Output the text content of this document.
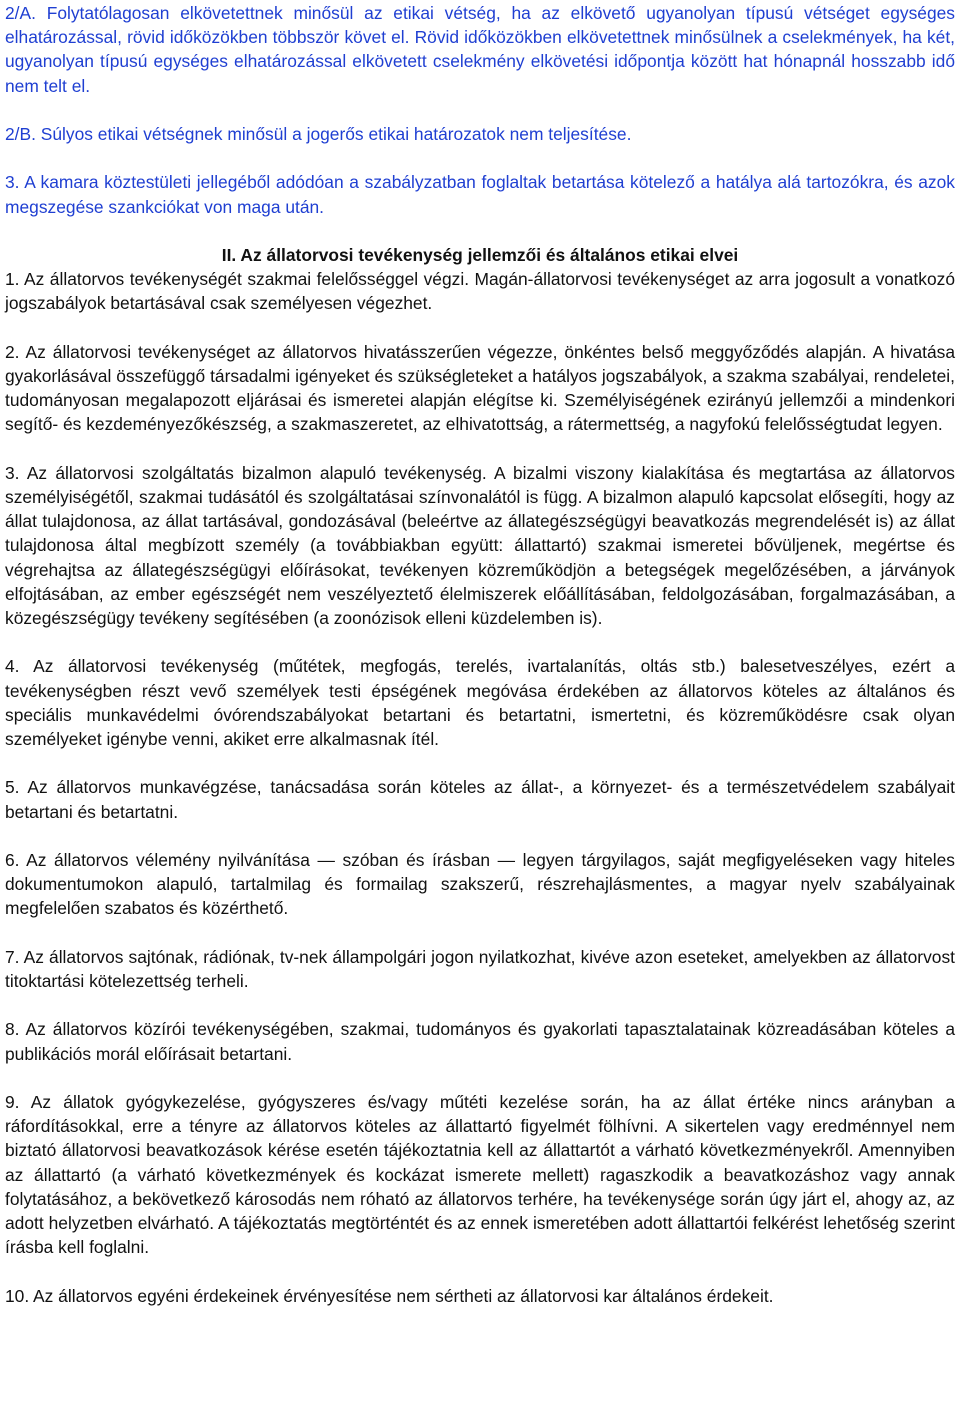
2/A. Folytatólagosan elkövetettnek minősül az etikai vétség, ha az elkövető ugyanolyan típusú vétséget egységes elhatározással, rövid időközökben többször követ el. Rövid időközökben elkövetettnek minősülnek a cselekmények, ha két, ugyanolyan típusú egységes elhatározással elkövetett cselekmény elkövetési időpontja között hat hónapnál hosszabb idő nem telt el.

2/B. Súlyos etikai vétségnek minősül a jogerős etikai határozatok nem teljesítése.

3. A kamara köztestületi jellegéből adódóan a szabályzatban foglaltak betartása kötelező a hatálya alá tartozókra, és azok megszegése szankciókat von maga után.

II. Az állatorvosi tevékenység jellemzői és általános etikai elvei

1. Az állatorvos tevékenységét szakmai felelősséggel végzi. Magán-állatorvosi tevékenységet az arra jogosult a vonatkozó jogszabályok betartásával csak személyesen végezhet.

2. Az állatorvosi tevékenységet az állatorvos hivatásszerűen végezze, önkéntes belső meggyőződés alapján. A hivatása gyakorlásával összefüggő társadalmi igényeket és szükségleteket a hatályos jogszabályok, a szakma szabályai, rendeletei, tudományosan megalapozott eljárásai és ismeretei alapján elégítse ki. Személyiségének ezirányú jellemzői a mindenkori segítő- és kezdeményezőkészség, a szakmaszeretet, az elhivatottság, a rátermettség, a nagyfokú felelősségtudat legyen.

3. Az állatorvosi szolgáltatás bizalmon alapuló tevékenység. A bizalmi viszony kialakítása és megtartása az állatorvos személyiségétől, szakmai tudásától és szolgáltatásai színvonalától is függ. A bizalmon alapuló kapcsolat elősegíti, hogy az állat tulajdonosa, az állat tartásával, gondozásával (beleértve az állategészségügyi beavatkozás megrendelését is) az állat tulajdonosa által megbízott személy (a továbbiakban együtt: állattartó) szakmai ismeretei bővüljenek, megértse és végrehajtsa az állategészségügyi előírásokat, tevékenyen közreműködjön a betegségek megelőzésében, a járványok elfojtásában, az ember egészségét nem veszélyeztető élelmiszerek előállításában, feldolgozásában, forgalmazásában, a közegészségügy tevékeny segítésében (a zoonózisok elleni küzdelemben is).

4. Az állatorvosi tevékenység (műtétek, megfogás, terelés, ivartalanítás, oltás stb.) balesetveszélyes, ezért a tevékenységben részt vevő személyek testi épségének megóvása érdekében az állatorvos köteles az általános és speciális munkavédelmi óvórendszabályokat betartani és betartatni, ismertetni, és közreműködésre csak olyan személyeket igénybe venni, akiket erre alkalmasnak ítél.

5. Az állatorvos munkavégzése, tanácsadása során köteles az állat-, a környezet- és a természetvédelem szabályait betartani és betartatni.

6. Az állatorvos vélemény nyilvánítása — szóban és írásban — legyen tárgyilagos, saját megfigyeléseken vagy hiteles dokumentumokon alapuló, tartalmilag és formailag szakszerű, részrehajlásmentes, a magyar nyelv szabályainak megfelelően szabatos és közérthető.

7. Az állatorvos sajtónak, rádiónak, tv-nek állampolgári jogon nyilatkozhat, kivéve azon eseteket, amelyekben az állatorvost titoktartási kötelezettség terheli.

8. Az állatorvos közírói tevékenységében, szakmai, tudományos és gyakorlati tapasztalatainak közreadásában köteles a publikációs morál előírásait betartani.

9. Az állatok gyógykezelése, gyógyszeres és/vagy műtéti kezelése során, ha az állat értéke nincs arányban a ráfordításokkal, erre a tényre az állatorvos köteles az állattartó figyelmét fölhívni. A sikertelen vagy eredménnyel nem biztató állatorvosi beavatkozások kérése esetén tájékoztatnia kell az állattartót a várható következményekről. Amennyiben az állattartó (a várható következmények és kockázat ismerete mellett) ragaszkodik a beavatkozáshoz vagy annak folytatásához, a bekövetkező károsodás nem róható az állatorvos terhére, ha tevékenysége során úgy járt el, ahogy az, az adott helyzetben elvárható. A tájékoztatás megtörténtét és az ennek ismeretében adott állattartói felkérést lehetőség szerint írásba kell foglalni.

10. Az állatorvos egyéni érdekeinek érvényesítése nem sértheti az állatorvosi kar általános érdekeit.
